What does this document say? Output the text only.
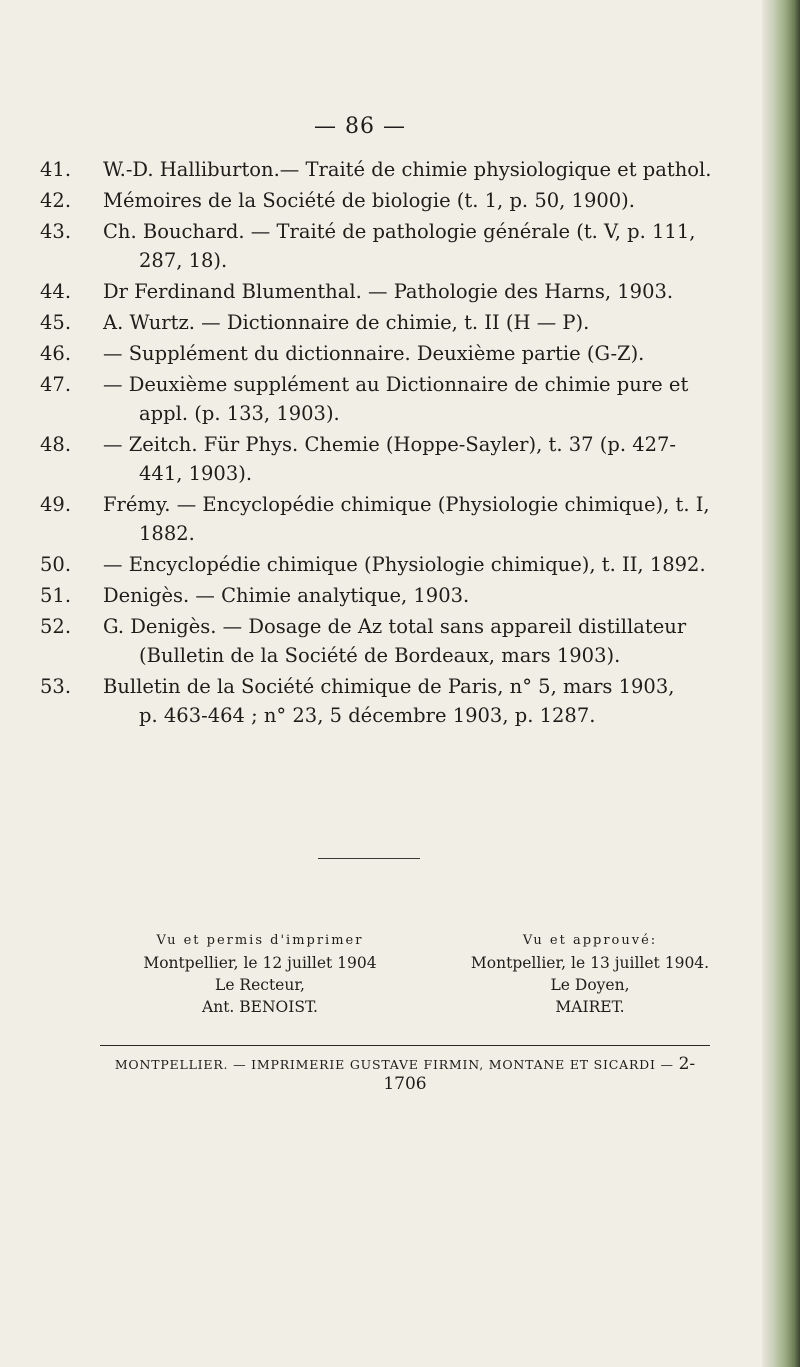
— 86 —
41.	W.-D. Halliburton.— Traité de chimie physiologique et pathol.
42.	Mémoires de la Société de biologie (t. 1, p. 50, 1900).
43.	Ch. Bouchard. — Traité de pathologie générale (t. V, p. 111,
287, 18).
44.	Dr Ferdinand Blumenthal. — Pathologie des Harns, 1903.
45.	A. Wurtz. — Dictionnaire de chimie, t. II (H — P).
46.	— Supplément du dictionnaire. Deuxième partie (G-Z).
47.	— Deuxième supplément au Dictionnaire de chimie pure et
appl. (p. 133, 1903).
48.	— Zeitch. Für Phys. Chemie (Hoppe-Sayler), t. 37 (p. 427-
441, 1903).
49.	Frémy. — Encyclopédie chimique (Physiologie chimique), t. I,
1882.
50.	— Encyclopédie chimique (Physiologie chimique), t. II, 1892.
51.	Denigès. — Chimie analytique, 1903.
52.	G. Denigès. — Dosage de Az total sans appareil distillateur
(Bulletin de la Société de Bordeaux, mars 1903).
53.	Bulletin de la Société chimique de Paris, n° 5, mars 1903,
p. 463-464 ; n° 23, 5 décembre 1903, p. 1287.
Vu et permis d'imprimer
Montpellier, le 12 juillet 1904
Le Recteur,
Ant. BENOIST.
Vu et approuvé:
Montpellier, le 13 juillet 1904.
Le Doyen,
MAIRET.
MONTPELLIER. — IMPRIMERIE GUSTAVE FIRMIN, MONTANE ET SICARDI — 2-1706
